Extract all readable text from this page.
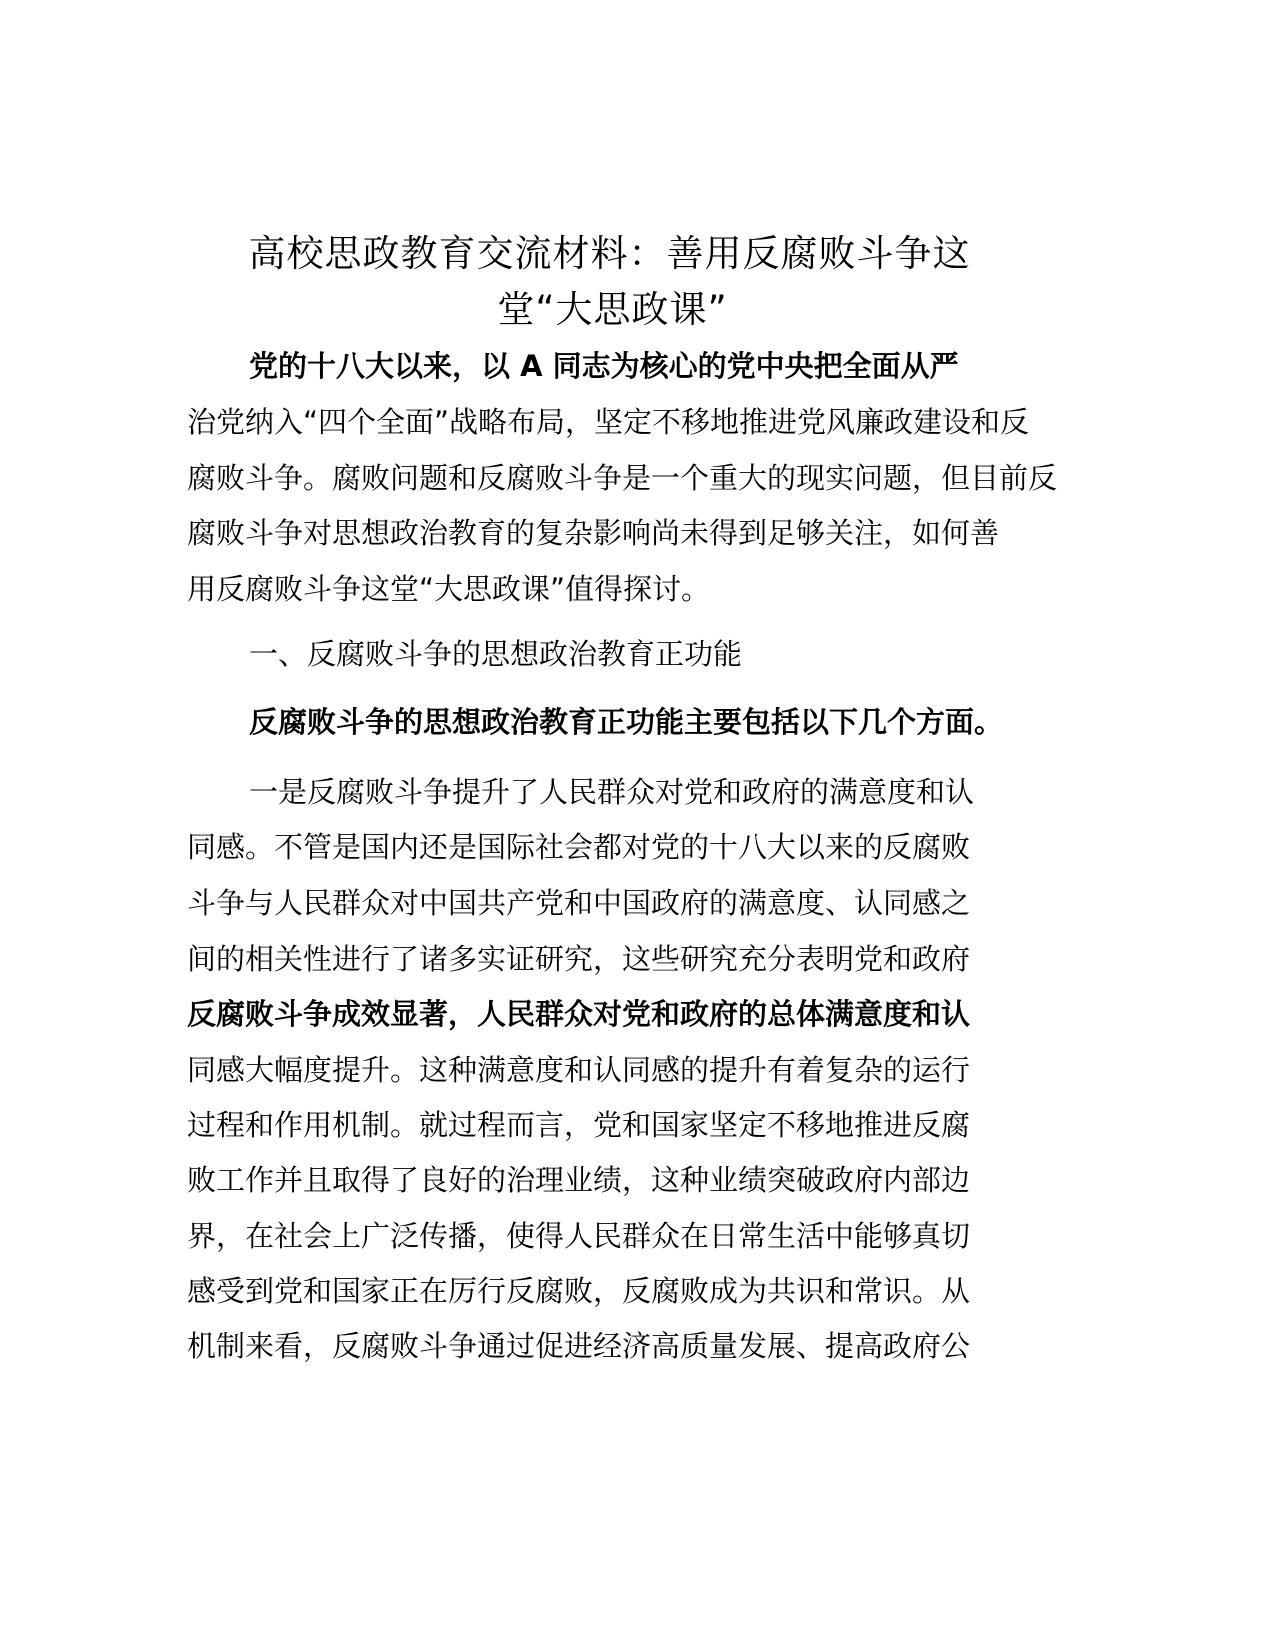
高校思政教育交流材料：善用反腐败斗争这
堂“大思政课”
党的十八大以来，以 A 同志为核心的党中央把全面从严
治党纳入“四个全面”战略布局，坚定不移地推进党风廉政建设和反
腐败斗争。腐败问题和反腐败斗争是一个重大的现实问题，但目前反
腐败斗争对思想政治教育的复杂影响尚未得到足够关注，如何善
用反腐败斗争这堂“大思政课”值得探讨。
一、反腐败斗争的思想政治教育正功能
反腐败斗争的思想政治教育正功能主要包括以下几个方面。
一是反腐败斗争提升了人民群众对党和政府的满意度和认
同感。不管是国内还是国际社会都对党的十八大以来的反腐败
斗争与人民群众对中国共产党和中国政府的满意度、认同感之
间的相关性进行了诸多实证研究，这些研究充分表明党和政府
反腐败斗争成效显著，人民群众对党和政府的总体满意度和认
同感大幅度提升。这种满意度和认同感的提升有着复杂的运行
过程和作用机制。就过程而言，党和国家坚定不移地推进反腐
败工作并且取得了良好的治理业绩，这种业绩突破政府内部边
界，在社会上广泛传播，使得人民群众在日常生活中能够真切
感受到党和国家正在厉行反腐败，反腐败成为共识和常识。从
机制来看，反腐败斗争通过促进经济高质量发展、提高政府公
